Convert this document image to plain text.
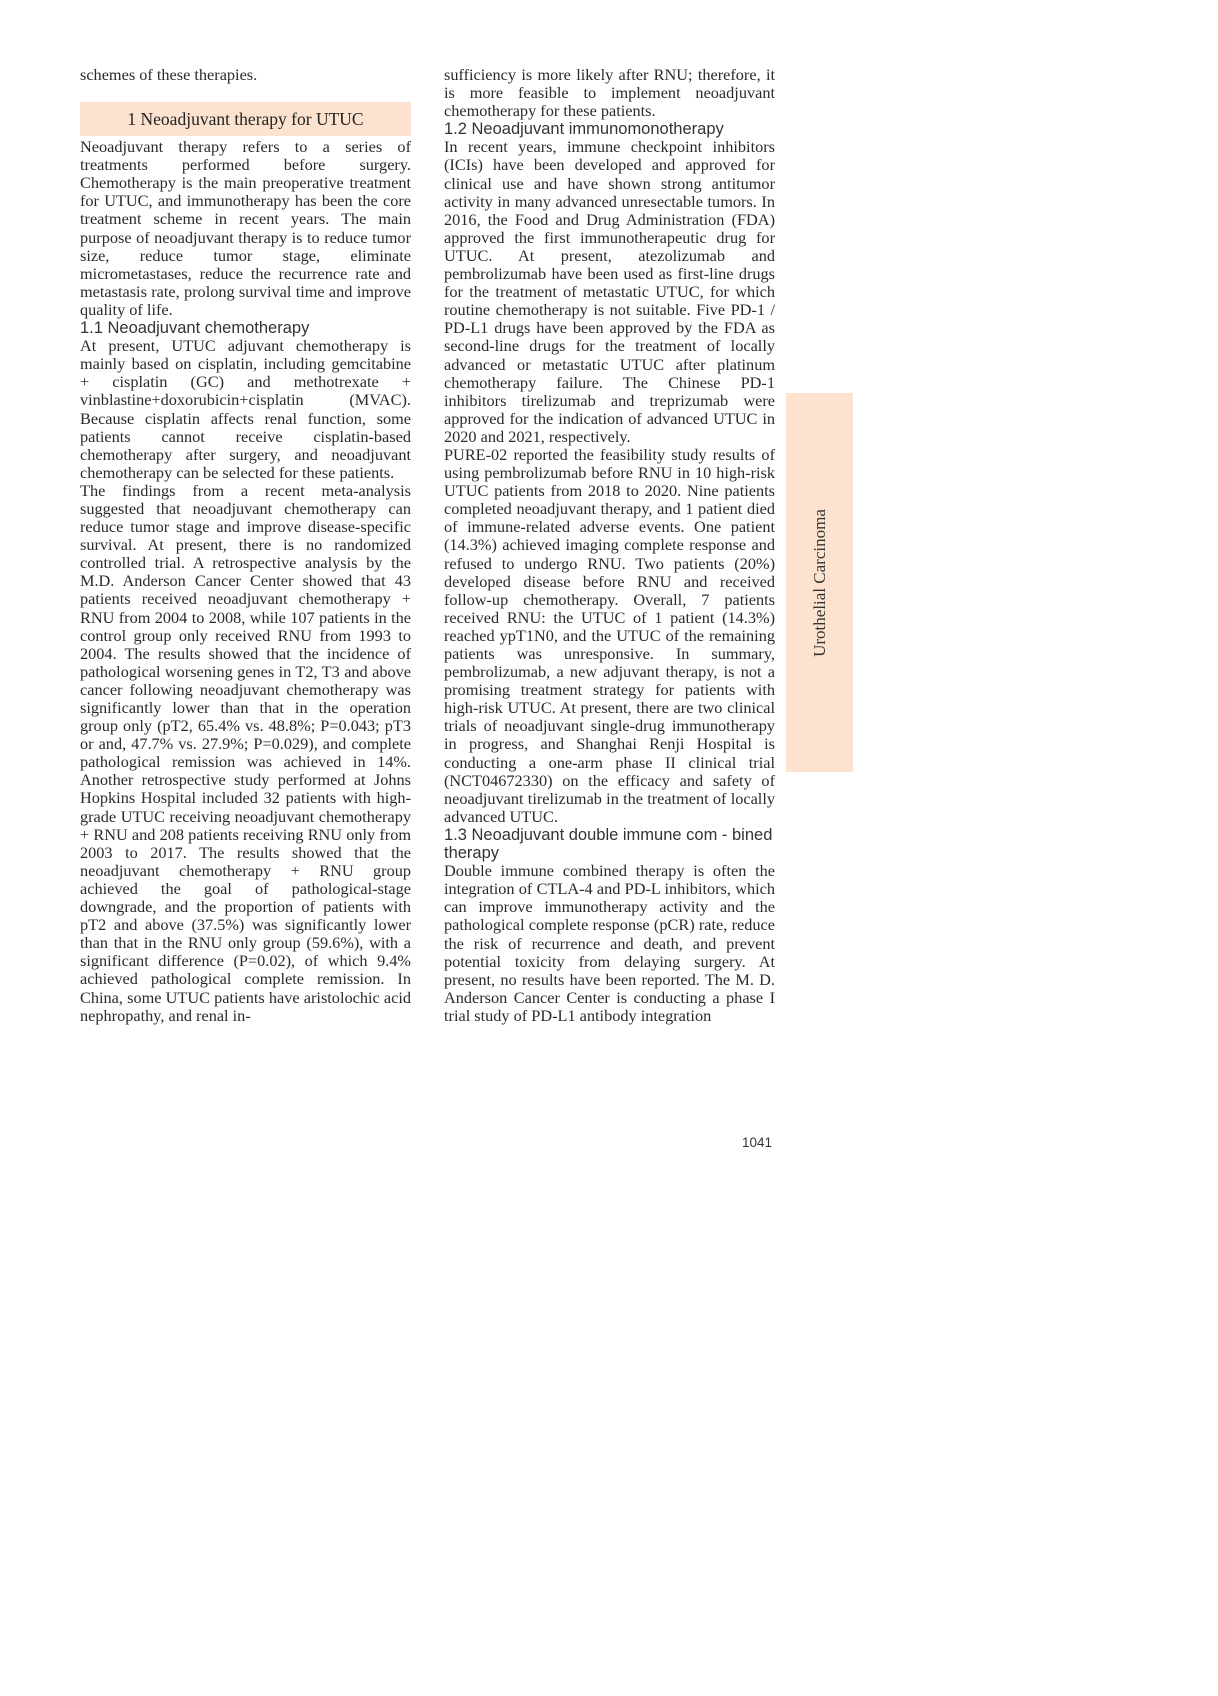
schemes of these therapies.

1 Neoadjuvant therapy for UTUC

Neoadjuvant therapy refers to a series of treatments performed before surgery. Chemotherapy is the main preoperative treatment for UTUC, and immunotherapy has been the core treatment scheme in recent years. The main purpose of neoadjuvant therapy is to reduce tumor size, reduce tumor stage, eliminate micrometastases, reduce the recurrence rate and metastasis rate, prolong survival time and improve quality of life.

1.1 Neoadjuvant chemotherapy

At present, UTUC adjuvant chemotherapy is mainly based on cisplatin, including gemcitabine + cisplatin (GC) and methotrexate + vinblastine+doxorubicin+cisplatin (MVAC). Because cisplatin affects renal function, some patients cannot receive cisplatin-based chemotherapy after surgery, and neoadjuvant chemotherapy can be selected for these patients.

The findings from a recent meta-analysis suggested that neoadjuvant chemotherapy can reduce tumor stage and improve disease-specific survival. At present, there is no randomized controlled trial. A retrospective analysis by the M.D. Anderson Cancer Center showed that 43 patients received neoadjuvant chemotherapy + RNU from 2004 to 2008, while 107 patients in the control group only received RNU from 1993 to 2004. The results showed that the incidence of pathological worsening genes in T2, T3 and above cancer following neoadjuvant chemotherapy was significantly lower than that in the operation group only (pT2, 65.4% vs. 48.8%; P=0.043; pT3 or and, 47.7% vs. 27.9%; P=0.029), and complete pathological remission was achieved in 14%. Another retrospective study performed at Johns Hopkins Hospital included 32 patients with high-grade UTUC receiving neoadjuvant chemotherapy + RNU and 208 patients receiving RNU only from 2003 to 2017. The results showed that the neoadjuvant chemotherapy + RNU group achieved the goal of pathological-stage downgrade, and the proportion of patients with pT2 and above (37.5%) was significantly lower than that in the RNU only group (59.6%), with a significant difference (P=0.02), of which 9.4% achieved pathological complete remission. In China, some UTUC patients have aristolochic acid nephropathy, and renal in-

sufficiency is more likely after RNU; therefore, it is more feasible to implement neoadjuvant chemotherapy for these patients.

1.2 Neoadjuvant immunomonotherapy

In recent years, immune checkpoint inhibitors (ICIs) have been developed and approved for clinical use and have shown strong antitumor activity in many advanced unresectable tumors. In 2016, the Food and Drug Administration (FDA) approved the first immunotherapeutic drug for UTUC. At present, atezolizumab and pembrolizumab have been used as first-line drugs for the treatment of metastatic UTUC, for which routine chemotherapy is not suitable. Five PD-1 / PD-L1 drugs have been approved by the FDA as second-line drugs for the treatment of locally advanced or metastatic UTUC after platinum chemotherapy failure. The Chinese PD-1 inhibitors tirelizumab and treprizumab were approved for the indication of advanced UTUC in 2020 and 2021, respectively.

PURE-02 reported the feasibility study results of using pembrolizumab before RNU in 10 high-risk UTUC patients from 2018 to 2020. Nine patients completed neoadjuvant therapy, and 1 patient died of immune-related adverse events. One patient (14.3%) achieved imaging complete response and refused to undergo RNU. Two patients (20%) developed disease before RNU and received follow-up chemotherapy. Overall, 7 patients received RNU: the UTUC of 1 patient (14.3%) reached ypT1N0, and the UTUC of the remaining patients was unresponsive. In summary, pembrolizumab, a new adjuvant therapy, is not a promising treatment strategy for patients with high-risk UTUC. At present, there are two clinical trials of neoadjuvant single-drug immunotherapy in progress, and Shanghai Renji Hospital is conducting a one-arm phase II clinical trial (NCT04672330) on the efficacy and safety of neoadjuvant tirelizumab in the treatment of locally advanced UTUC.

1.3 Neoadjuvant double immune com - bined therapy

Double immune combined therapy is often the integration of CTLA-4 and PD-L inhibitors, which can improve immunotherapy activity and the pathological complete response (pCR) rate, reduce the risk of recurrence and death, and prevent potential toxicity from delaying surgery. At present, no results have been reported. The M. D. Anderson Cancer Center is conducting a phase I trial study of PD-L1 antibody integration

Urothelial Carcinoma
1041
